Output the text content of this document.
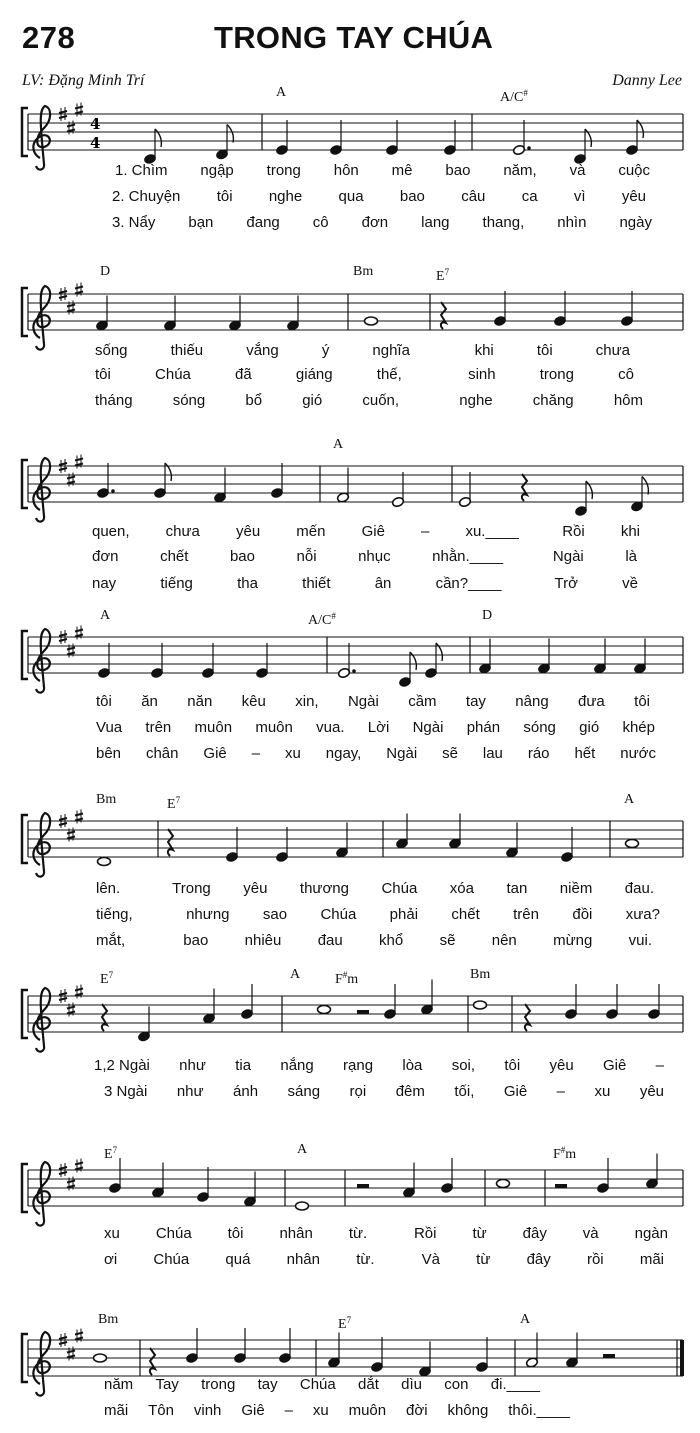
278	TRONG TAY CHÚA
LV: Đặng Minh Trí	Danny Lee
4
4
A	A/C#
1. Chìm ngập trong hôn mê bao năm, và cuộc
2. Chuyện tôi nghe qua bao câu ca vì yêu
3. Nẩy bạn đang cô đơn lang thang, nhìn ngày
D	Bm	$E^7$
sống	thiếu	vắng	ý	nghĩa	khi	tôi	chưa
tôi	Chúa	đã	giáng	thế,	sinh	trong	cô
tháng	sóng	bổ	gió	cuốn,	nghe	chăng	hôm
A
quen, chưa yêu mến Giê – xu.____	Rồi khi
đơn	chết	bao	nỗi	nhục	nhằn.____	Ngài	là
nay	tiếng	tha	thiết	ân	cần?____	Trở	về
A	A/C#	D
tôi ăn năn kêu xin, Ngài cầm tay nâng đưa tôi
Vua trên muôn muôn vua. Lời Ngài phán sóng gió khép
bên chân Giê – xu ngay, Ngài sẽ lau ráo hết nước
Bm	$E^7$	A
lên.	Trong yêu thương Chúa xóa tan niềm đau.
tiếng,	nhưng sao Chúa phải chết trên đồi xưa?
mắt,	bao nhiêu đau khổ sẽ nên mừng vui.
$E^7$	A F#m	Bm
1,2 Ngài như tia nắng rạng lòa soi, tôi yêu Giê –
3 Ngài như ánh sáng rọi đêm tối, Giê – xu yêu
$E^7$	A	F#m
xu Chúa tôi nhân từ.	Rồi từ đây và ngàn
ơi Chúa quá nhân từ.	Và từ đây rồi mãi
Bm	$E^7$	A
năm Tay trong tay Chúa dắt dìu con đi.____
mãi Tôn vinh Giê – xu muôn đời không thôi.____
